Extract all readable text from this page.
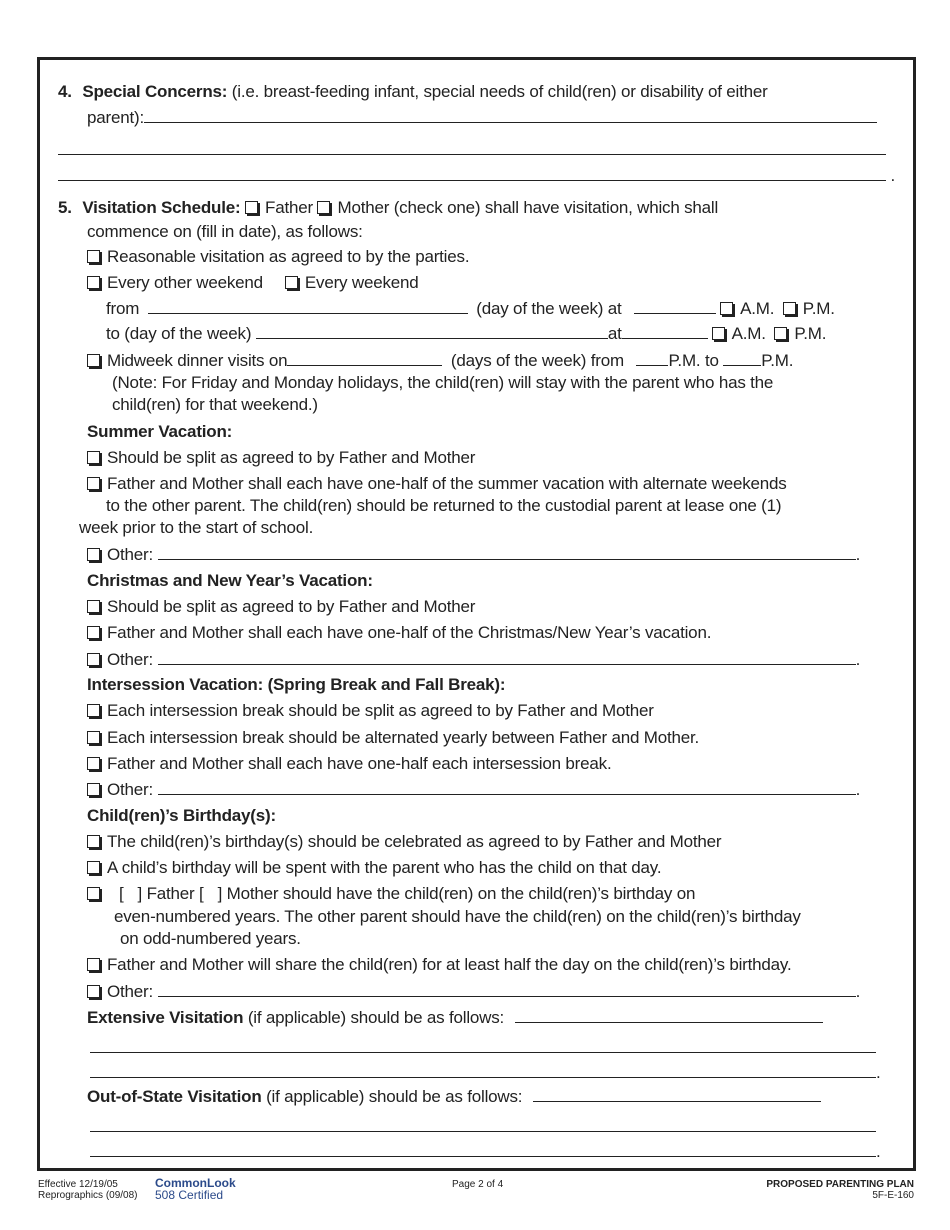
4. Special Concerns: (i.e. breast-feeding infant, special needs of child(ren) or disability of either
parent):
.
5. Visitation Schedule: Father Mother (check one) shall have visitation, which shall
commence on (fill in date), as follows:
Reasonable visitation as agreed to by the parties.
Every other weekend Every weekend
from	(day of the week) at	A.M. P.M.
to (day of the week)	at	A.M. P.M.
Midweek dinner visits on	(days of the week) from	P.M. to	P.M.
(Note: For Friday and Monday holidays, the child(ren) will stay with the parent who has the
child(ren) for that weekend.)
Summer Vacation:
Should be split as agreed to by Father and Mother
Father and Mother shall each have one-half of the summer vacation with alternate weekends
to the other parent. The child(ren) should be returned to the custodial parent at lease one (1)
week prior to the start of school.
Other:	.
Christmas and New Year’s Vacation:
Should be split as agreed to by Father and Mother
Father and Mother shall each have one-half of the Christmas/New Year’s vacation.
Other:	.
Intersession Vacation: (Spring Break and Fall Break):
Each intersession break should be split as agreed to by Father and Mother
Each intersession break should be alternated yearly between Father and Mother.
Father and Mother shall each have one-half each intersession break.
Other:	.
Child(ren)’s Birthday(s):
The child(ren)’s birthday(s) should be celebrated as agreed to by Father and Mother
A child’s birthday will be spent with the parent who has the child on that day.
[ ] Father [ ] Mother should have the child(ren) on the child(ren)’s birthday on
even-numbered years. The other parent should have the child(ren) on the child(ren)’s birthday
on odd-numbered years.
Father and Mother will share the child(ren) for at least half the day on the child(ren)’s birthday.
Other:	.
Extensive Visitation (if applicable) should be as follows:
.
Out-of-State Visitation (if applicable) should be as follows:
.
Effective 12/19/05
Reprographics (09/08)
CommonLook
508 Certified
Page 2 of 4	PROPOSED PARENTING PLAN
5F-E-160
